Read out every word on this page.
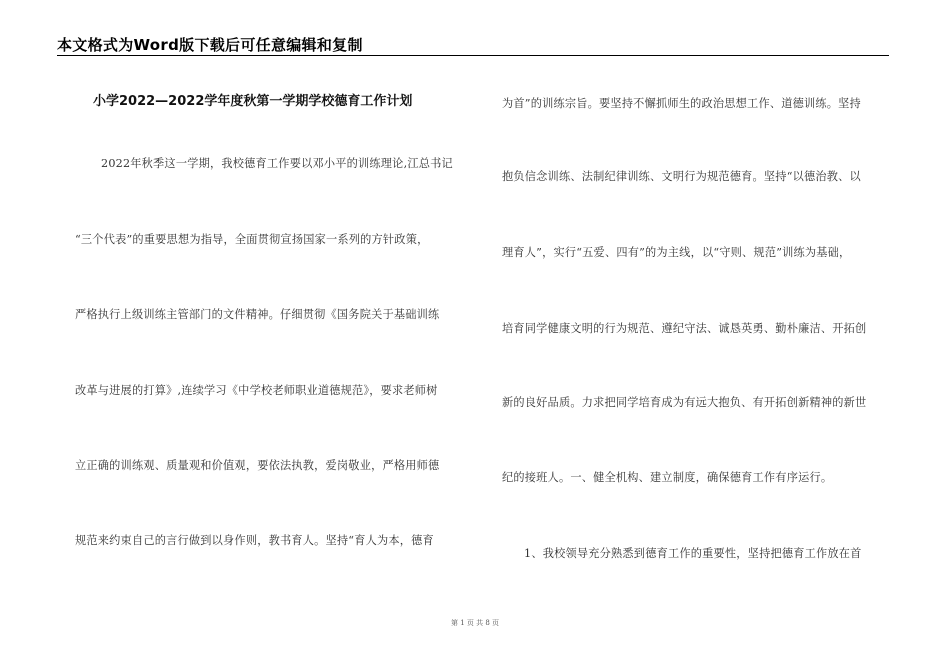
本文格式为Word版下载后可任意编辑和复制
小学2022—2022学年度秋第一学期学校德育工作计划
2022年秋季这一学期，我校德育工作要以邓小平的训练理论,江总书记
“三个代表”的重要思想为指导，全面贯彻宣扬国家一系列的方针政策，
严格执行上级训练主管部门的文件精神。仔细贯彻《国务院关于基础训练
改革与进展的打算》,连续学习《中学校老师职业道德规范》，要求老师树
立正确的训练观、质量观和价值观，要依法执教，爱岗敬业，严格用师德
规范来约束自己的言行做到以身作则，教书育人。坚持“育人为本，德育
为首”的训练宗旨。要坚持不懈抓师生的政治思想工作、道德训练。坚持
抱负信念训练、法制纪律训练、文明行为规范德育。坚持“以德治教、以
理育人”，实行“五爱、四有”的为主线，以“守则、规范”训练为基础，
培育同学健康文明的行为规范、遵纪守法、诚恳英勇、勤朴廉洁、开拓创
新的良好品质。力求把同学培育成为有远大抱负、有开拓创新精神的新世
纪的接班人。一、健全机构、建立制度，确保德育工作有序运行。
1、我校领导充分熟悉到德育工作的重要性，坚持把德育工作放在首
第 1 页 共 8 页
